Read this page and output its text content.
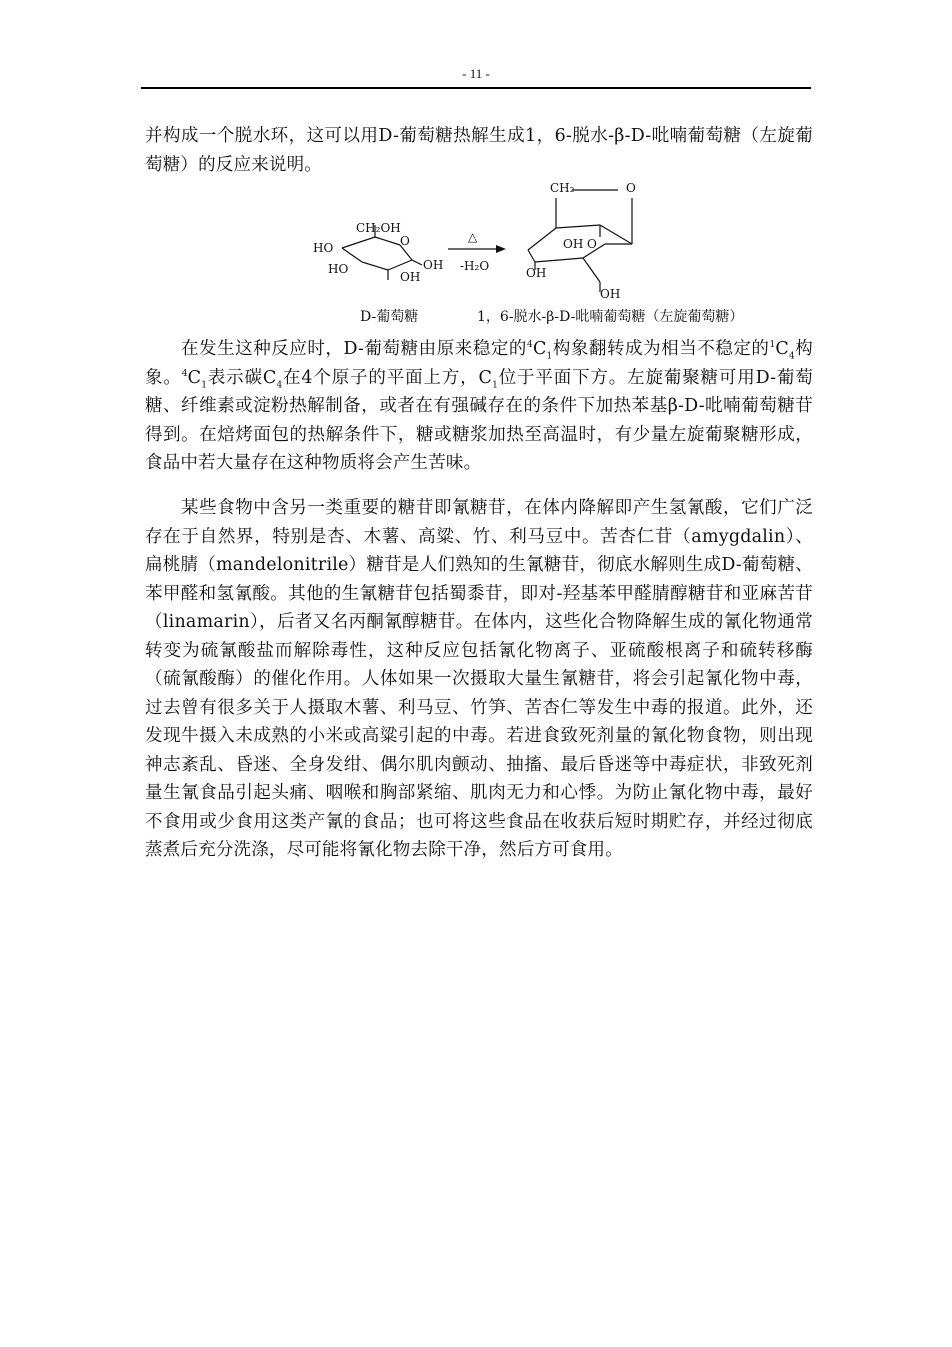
- 11 -

并构成一个脱水环，这可以用D-葡萄糖热解生成1，6-脱水-β-D-吡喃葡萄糖（左旋葡萄糖）的反应来说明。

CH₂OH
O
HO
HO
OH
OH
△
-H₂O
CH₂	O
OH O
OH
OH
D-葡萄糖	1，6-脱水-β-D-吡喃葡萄糖（左旋葡萄糖）

在发生这种反应时，D-葡萄糖由原来稳定的$^4C_1$构象翻转成为相当不稳定的$^1C_4$构象。$^4C_1$表示碳$C_4$在4个原子的平面上方，$C_1$位于平面下方。左旋葡聚糖可用D-葡萄糖、纤维素或淀粉热解制备，或者在有强碱存在的条件下加热苯基β-D-吡喃葡萄糖苷得到。在焙烤面包的热解条件下，糖或糖浆加热至高温时，有少量左旋葡聚糖形成，食品中若大量存在这种物质将会产生苦味。

某些食物中含另一类重要的糖苷即氰糖苷，在体内降解即产生氢氰酸，它们广泛存在于自然界，特别是杏、木薯、高粱、竹、利马豆中。苦杏仁苷（amygdalin）、扁桃腈（mandelonitrile）糖苷是人们熟知的生氰糖苷，彻底水解则生成D-葡萄糖、苯甲醛和氢氰酸。其他的生氰糖苷包括蜀黍苷，即对-羟基苯甲醛腈醇糖苷和亚麻苦苷（linamarin），后者又名丙酮氰醇糖苷。在体内，这些化合物降解生成的氰化物通常转变为硫氰酸盐而解除毒性，这种反应包括氰化物离子、亚硫酸根离子和硫转移酶（硫氰酸酶）的催化作用。人体如果一次摄取大量生氰糖苷，将会引起氰化物中毒，过去曾有很多关于人摄取木薯、利马豆、竹笋、苦杏仁等发生中毒的报道。此外，还发现牛摄入未成熟的小米或高粱引起的中毒。若进食致死剂量的氰化物食物，则出现神志紊乱、昏迷、全身发绀、偶尔肌肉颤动、抽搐、最后昏迷等中毒症状，非致死剂量生氰食品引起头痛、咽喉和胸部紧缩、肌肉无力和心悸。为防止氰化物中毒，最好不食用或少食用这类产氰的食品；也可将这些食品在收获后短时期贮存，并经过彻底蒸煮后充分洗涤，尽可能将氰化物去除干净，然后方可食用。
